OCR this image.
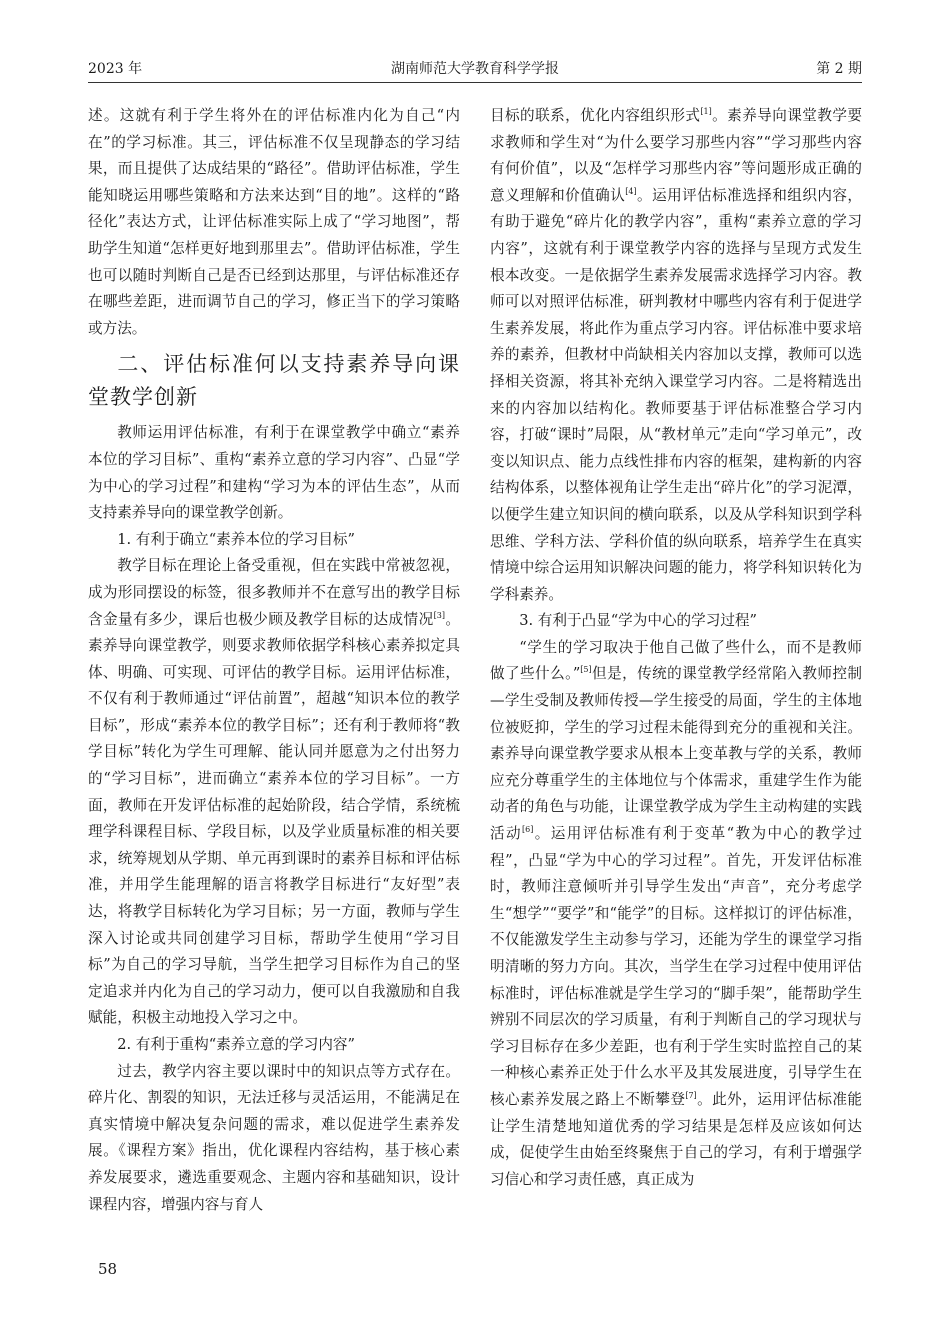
2023 年	湖南师范大学教育科学学报	第 2 期

述。这就有利于学生将外在的评估标准内化为自己“内在”的学习标准。其三，评估标准不仅呈现静态的学习结果，而且提供了达成结果的“路径”。借助评估标准，学生能知晓运用哪些策略和方法来达到“目的地”。这样的“路径化”表达方式，让评估标准实际上成了“学习地图”，帮助学生知道“怎样更好地到那里去”。借助评估标准，学生也可以随时判断自己是否已经到达那里，与评估标准还存在哪些差距，进而调节自己的学习，修正当下的学习策略或方法。

二、评估标准何以支持素养导向课堂教学创新

教师运用评估标准，有利于在课堂教学中确立“素养本位的学习目标”、重构“素养立意的学习内容”、凸显“学为中心的学习过程”和建构“学习为本的评估生态”，从而支持素养导向的课堂教学创新。

1. 有利于确立“素养本位的学习目标”

教学目标在理论上备受重视，但在实践中常被忽视，成为形同摆设的标签，很多教师并不在意写出的教学目标含金量有多少，课后也极少顾及教学目标的达成情况[3]。素养导向课堂教学，则要求教师依据学科核心素养拟定具体、明确、可实现、可评估的教学目标。运用评估标准，不仅有利于教师通过“评估前置”，超越“知识本位的教学目标”，形成“素养本位的教学目标”；还有利于教师将“教学目标”转化为学生可理解、能认同并愿意为之付出努力的“学习目标”，进而确立“素养本位的学习目标”。一方面，教师在开发评估标准的起始阶段，结合学情，系统梳理学科课程目标、学段目标，以及学业质量标准的相关要求，统筹规划从学期、单元再到课时的素养目标和评估标准，并用学生能理解的语言将教学目标进行“友好型”表达，将教学目标转化为学习目标；另一方面，教师与学生深入讨论或共同创建学习目标，帮助学生使用“学习目标”为自己的学习导航，当学生把学习目标作为自己的坚定追求并内化为自己的学习动力，便可以自我激励和自我赋能，积极主动地投入学习之中。

2. 有利于重构“素养立意的学习内容”

过去，教学内容主要以课时中的知识点等方式存在。碎片化、割裂的知识，无法迁移与灵活运用，不能满足在真实情境中解决复杂问题的需求，难以促进学生素养发展。《课程方案》指出，优化课程内容结构，基于核心素养发展要求，遴选重要观念、主题内容和基础知识，设计课程内容，增强内容与育人

目标的联系，优化内容组织形式[1]。素养导向课堂教学要求教师和学生对“为什么要学习那些内容”“学习那些内容有何价值”，以及“怎样学习那些内容”等问题形成正确的意义理解和价值确认[4]。运用评估标准选择和组织内容，有助于避免“碎片化的教学内容”，重构“素养立意的学习内容”，这就有利于课堂教学内容的选择与呈现方式发生根本改变。一是依据学生素养发展需求选择学习内容。教师可以对照评估标准，研判教材中哪些内容有利于促进学生素养发展，将此作为重点学习内容。评估标准中要求培养的素养，但教材中尚缺相关内容加以支撑，教师可以选择相关资源，将其补充纳入课堂学习内容。二是将精选出来的内容加以结构化。教师要基于评估标准整合学习内容，打破“课时”局限，从“教材单元”走向“学习单元”，改变以知识点、能力点线性排布内容的框架，建构新的内容结构体系，以整体视角让学生走出“碎片化”的学习泥潭，以便学生建立知识间的横向联系，以及从学科知识到学科思维、学科方法、学科价值的纵向联系，培养学生在真实情境中综合运用知识解决问题的能力，将学科知识转化为学科素养。

3. 有利于凸显“学为中心的学习过程”

“学生的学习取决于他自己做了些什么，而不是教师做了些什么。”[5]但是，传统的课堂教学经常陷入教师控制—学生受制及教师传授—学生接受的局面，学生的主体地位被贬抑，学生的学习过程未能得到充分的重视和关注。素养导向课堂教学要求从根本上变革教与学的关系，教师应充分尊重学生的主体地位与个体需求，重建学生作为能动者的角色与功能，让课堂教学成为学生主动构建的实践活动[6]。运用评估标准有利于变革“教为中心的教学过程”，凸显“学为中心的学习过程”。首先，开发评估标准时，教师注意倾听并引导学生发出“声音”，充分考虑学生“想学”“要学”和“能学”的目标。这样拟订的评估标准，不仅能激发学生主动参与学习，还能为学生的课堂学习指明清晰的努力方向。其次，当学生在学习过程中使用评估标准时，评估标准就是学生学习的“脚手架”，能帮助学生辨别不同层次的学习质量，有利于判断自己的学习现状与学习目标存在多少差距，也有利于学生实时监控自己的某一种核心素养正处于什么水平及其发展进度，引导学生在核心素养发展之路上不断攀登[7]。此外，运用评估标准能让学生清楚地知道优秀的学习结果是怎样及应该如何达成，促使学生由始至终聚焦于自己的学习，有利于增强学习信心和学习责任感，真正成为

58
